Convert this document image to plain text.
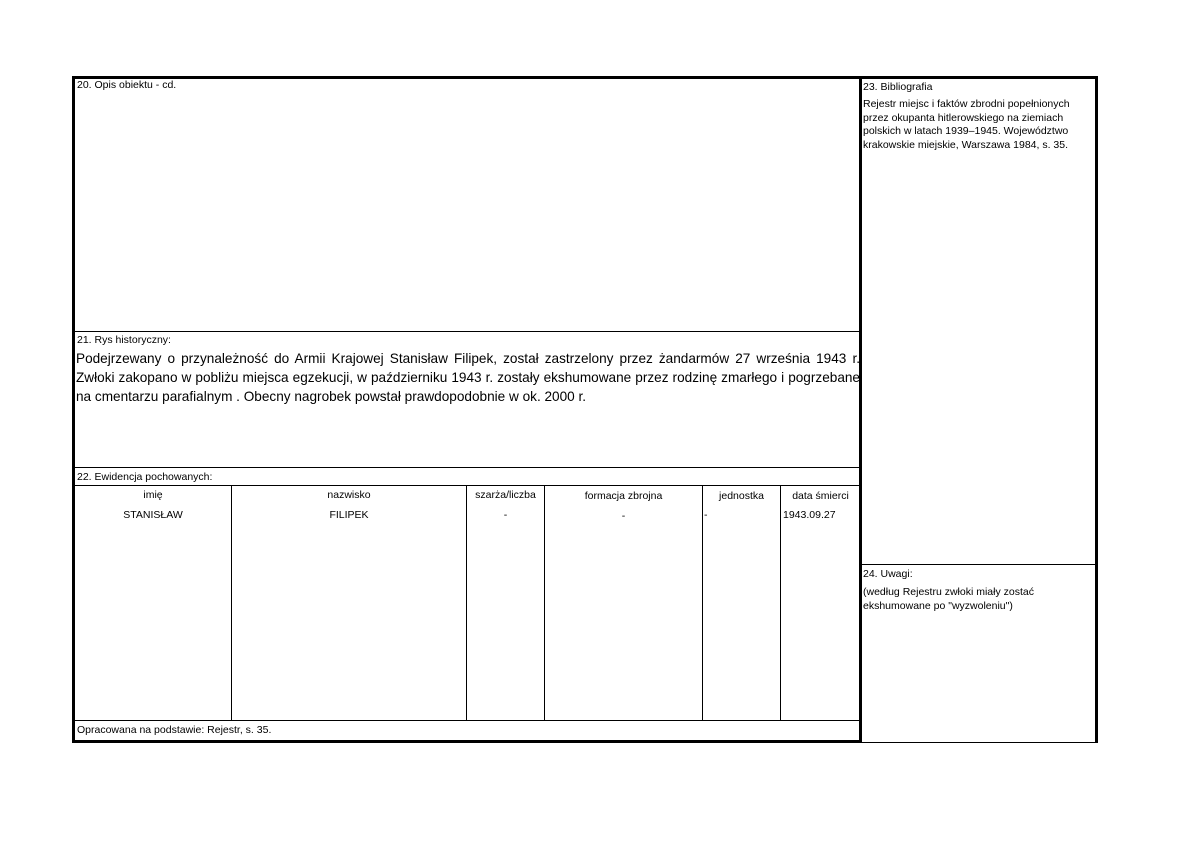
20. Opis obiektu - cd.
21. Rys historyczny:
Podejrzewany o przynależność do Armii Krajowej Stanisław Filipek, został zastrzelony przez żandarmów 27 września 1943 r. Zwłoki zakopano w pobliżu miejsca egzekucji, w październiku 1943 r. zostały ekshumowane przez rodzinę zmarłego i pogrzebane na cmentarzu parafialnym . Obecny nagrobek powstał prawdopodobnie w ok. 2000 r.
22. Ewidencja pochowanych:
imię	nazwisko	szarża/liczba	formacja zbrojna	jednostka	data śmierci
STANISŁAW	FILIPEK	-	-	-	1943.09.27
Opracowana na podstawie: Rejestr, s. 35.
23. Bibliografia
Rejestr miejsc i faktów zbrodni popełnionych przez okupanta hitlerowskiego na ziemiach polskich w latach 1939–1945. Województwo krakowskie miejskie, Warszawa 1984, s. 35.
24. Uwagi:
(według Rejestru zwłoki miały zostać ekshumowane po "wyzwoleniu")
